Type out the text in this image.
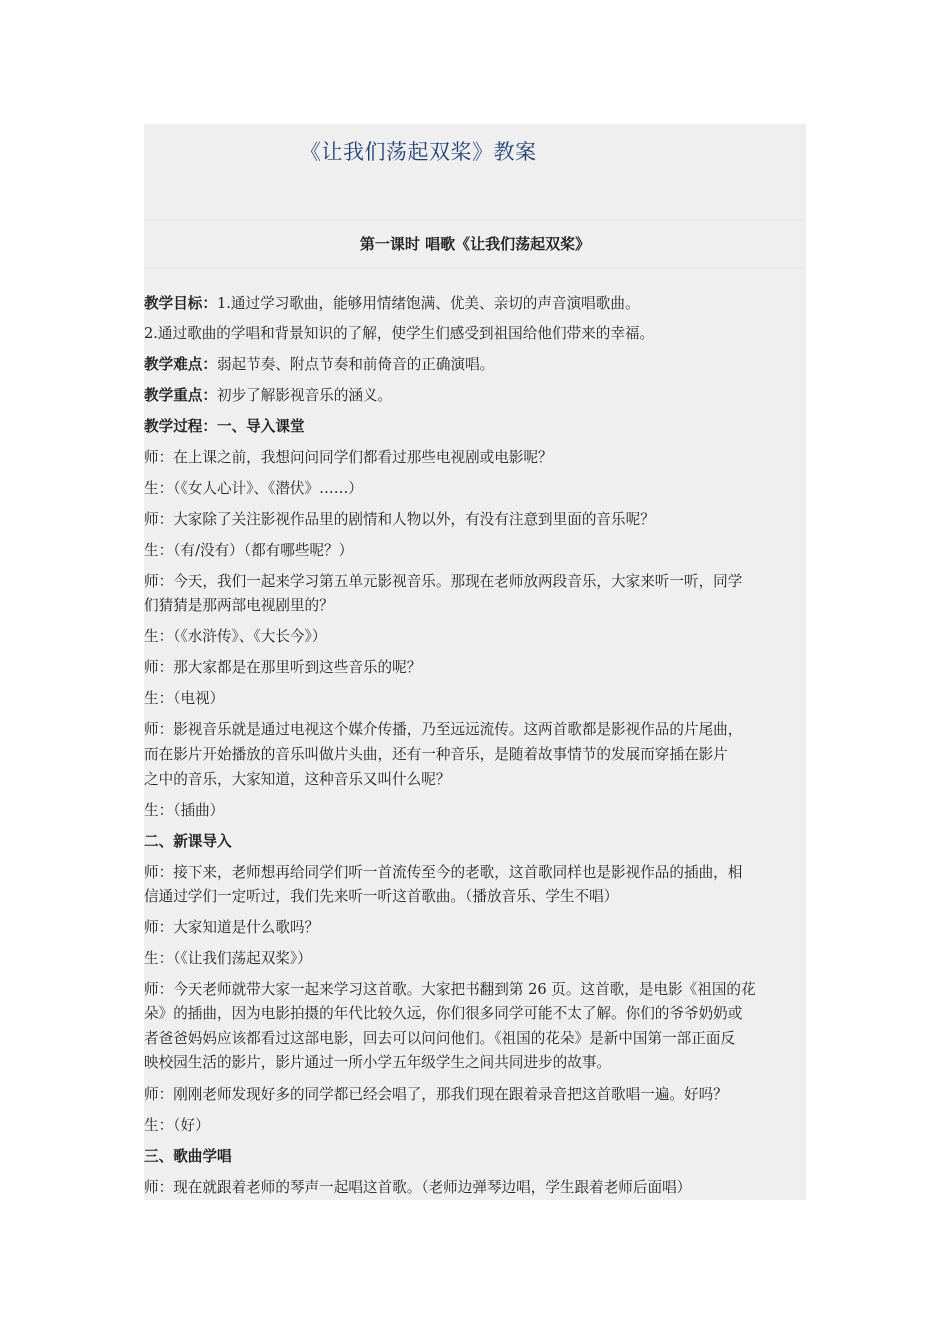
《让我们荡起双桨》教案
第一课时 唱歌《让我们荡起双桨》
教学目标：1.通过学习歌曲，能够用情绪饱满、优美、亲切的声音演唱歌曲。
2.通过歌曲的学唱和背景知识的了解，使学生们感受到祖国给他们带来的幸福。
教学难点：弱起节奏、附点节奏和前倚音的正确演唱。
教学重点：初步了解影视音乐的涵义。
教学过程：一、导入课堂
师：在上课之前，我想问问同学们都看过那些电视剧或电影呢？
生：（《女人心计》、《潜伏》……）
师：大家除了关注影视作品里的剧情和人物以外，有没有注意到里面的音乐呢？
生：（有/没有）（都有哪些呢？）
师：今天，我们一起来学习第五单元影视音乐。那现在老师放两段音乐，大家来听一听，同学
们猜猜是那两部电视剧里的？
生：（《水浒传》、《大长今》）
师：那大家都是在那里听到这些音乐的呢？
生：（电视）
师：影视音乐就是通过电视这个媒介传播，乃至远远流传。这两首歌都是影视作品的片尾曲，
而在影片开始播放的音乐叫做片头曲，还有一种音乐，是随着故事情节的发展而穿插在影片
之中的音乐，大家知道，这种音乐又叫什么呢？
生：（插曲）
二、新课导入
师：接下来，老师想再给同学们听一首流传至今的老歌，这首歌同样也是影视作品的插曲，相
信通过学们一定听过，我们先来听一听这首歌曲。（播放音乐、学生不唱）
师：大家知道是什么歌吗？
生：（《让我们荡起双桨》）
师：今天老师就带大家一起来学习这首歌。大家把书翻到第 26 页。这首歌，是电影《祖国的花
朵》的插曲，因为电影拍摄的年代比较久远，你们很多同学可能不太了解。你们的爷爷奶奶或
者爸爸妈妈应该都看过这部电影，回去可以问问他们。《祖国的花朵》是新中国第一部正面反
映校园生活的影片，影片通过一所小学五年级学生之间共同进步的故事。
师：刚刚老师发现好多的同学都已经会唱了，那我们现在跟着录音把这首歌唱一遍。好吗？
生：（好）
三、歌曲学唱
师：现在就跟着老师的琴声一起唱这首歌。（老师边弹琴边唱，学生跟着老师后面唱）
